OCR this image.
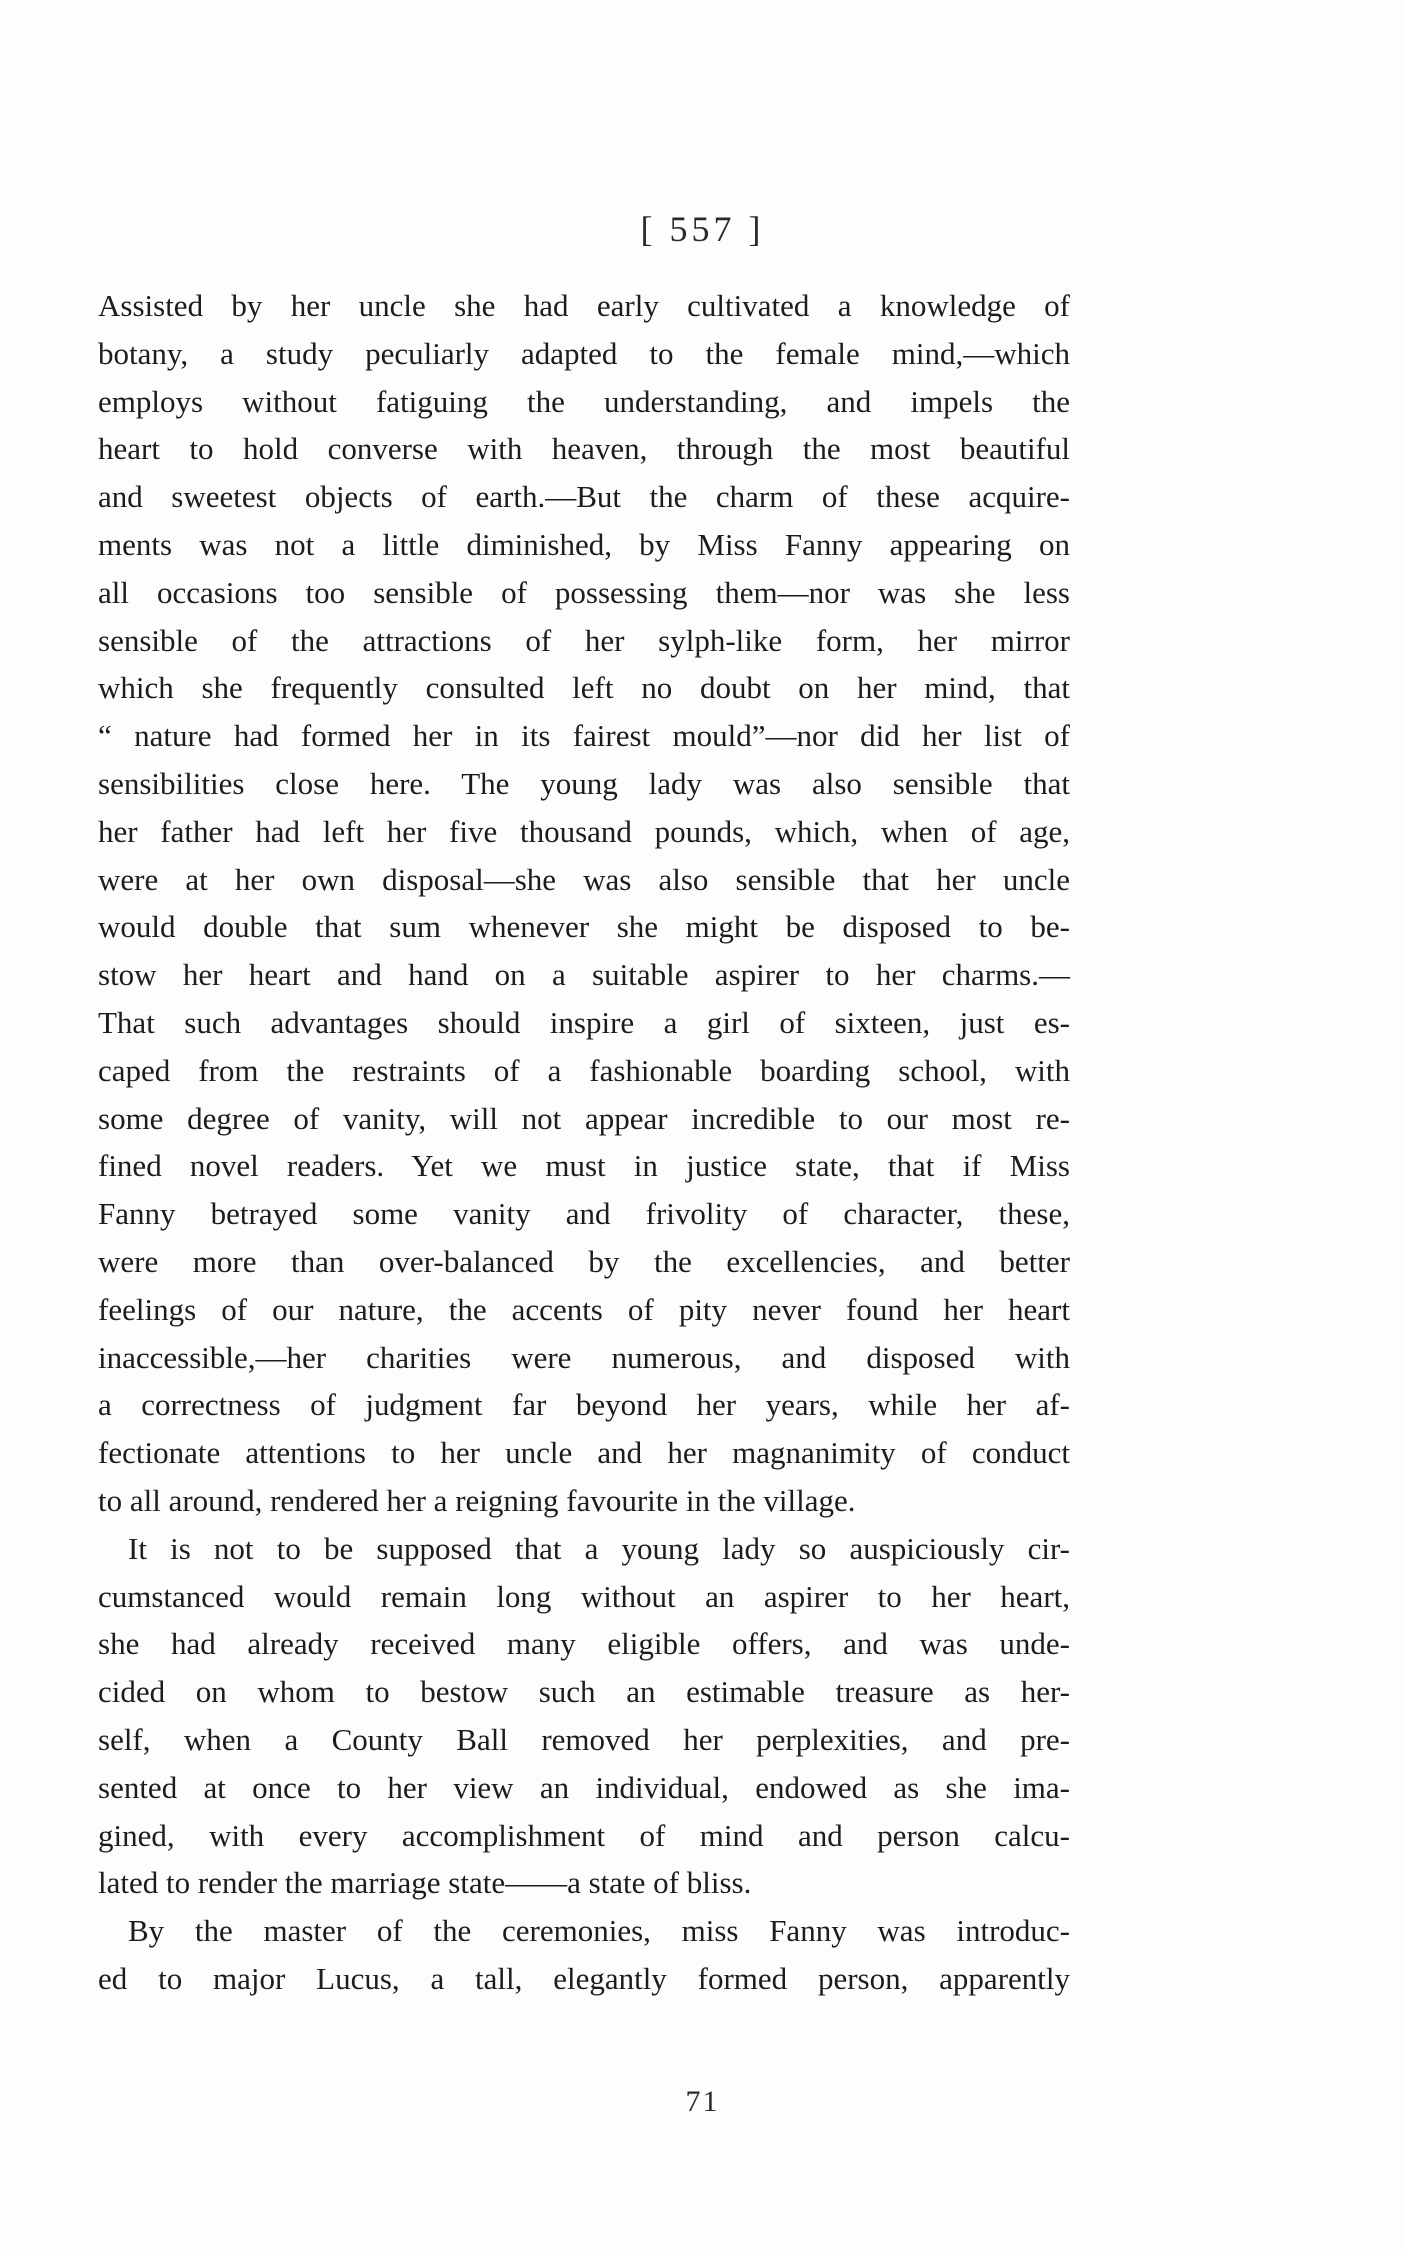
[ 557 ]
Assisted by her uncle she had early cultivated a knowledge of
botany, a study peculiarly adapted to the female mind,—which
employs without fatiguing the understanding, and impels the
heart to hold converse with heaven, through the most beautiful
and sweetest objects of earth.—But the charm of these acquire-
ments was not a little diminished, by Miss Fanny appearing on
all occasions too sensible of possessing them—nor was she less
sensible of the attractions of her sylph-like form, her mirror
which she frequently consulted left no doubt on her mind, that
“ nature had formed her in its fairest mould”—nor did her list of
sensibilities close here. The young lady was also sensible that
her father had left her five thousand pounds, which, when of age,
were at her own disposal—she was also sensible that her uncle
would double that sum whenever she might be disposed to be-
stow her heart and hand on a suitable aspirer to her charms.—
That such advantages should inspire a girl of sixteen, just es-
caped from the restraints of a fashionable boarding school, with
some degree of vanity, will not appear incredible to our most re-
fined novel readers. Yet we must in justice state, that if Miss
Fanny betrayed some vanity and frivolity of character, these,
were more than over-balanced by the excellencies, and better
feelings of our nature, the accents of pity never found her heart
inaccessible,—her charities were numerous, and disposed with
a correctness of judgment far beyond her years, while her af-
fectionate attentions to her uncle and her magnanimity of conduct
to all around, rendered her a reigning favourite in the village.
It is not to be supposed that a young lady so auspiciously cir-
cumstanced would remain long without an aspirer to her heart,
she had already received many eligible offers, and was unde-
cided on whom to bestow such an estimable treasure as her-
self, when a County Ball removed her perplexities, and pre-
sented at once to her view an individual, endowed as she ima-
gined, with every accomplishment of mind and person calcu-
lated to render the marriage state——a state of bliss.
By the master of the ceremonies, miss Fanny was introduc-
ed to major Lucus, a tall, elegantly formed person, apparently
71
